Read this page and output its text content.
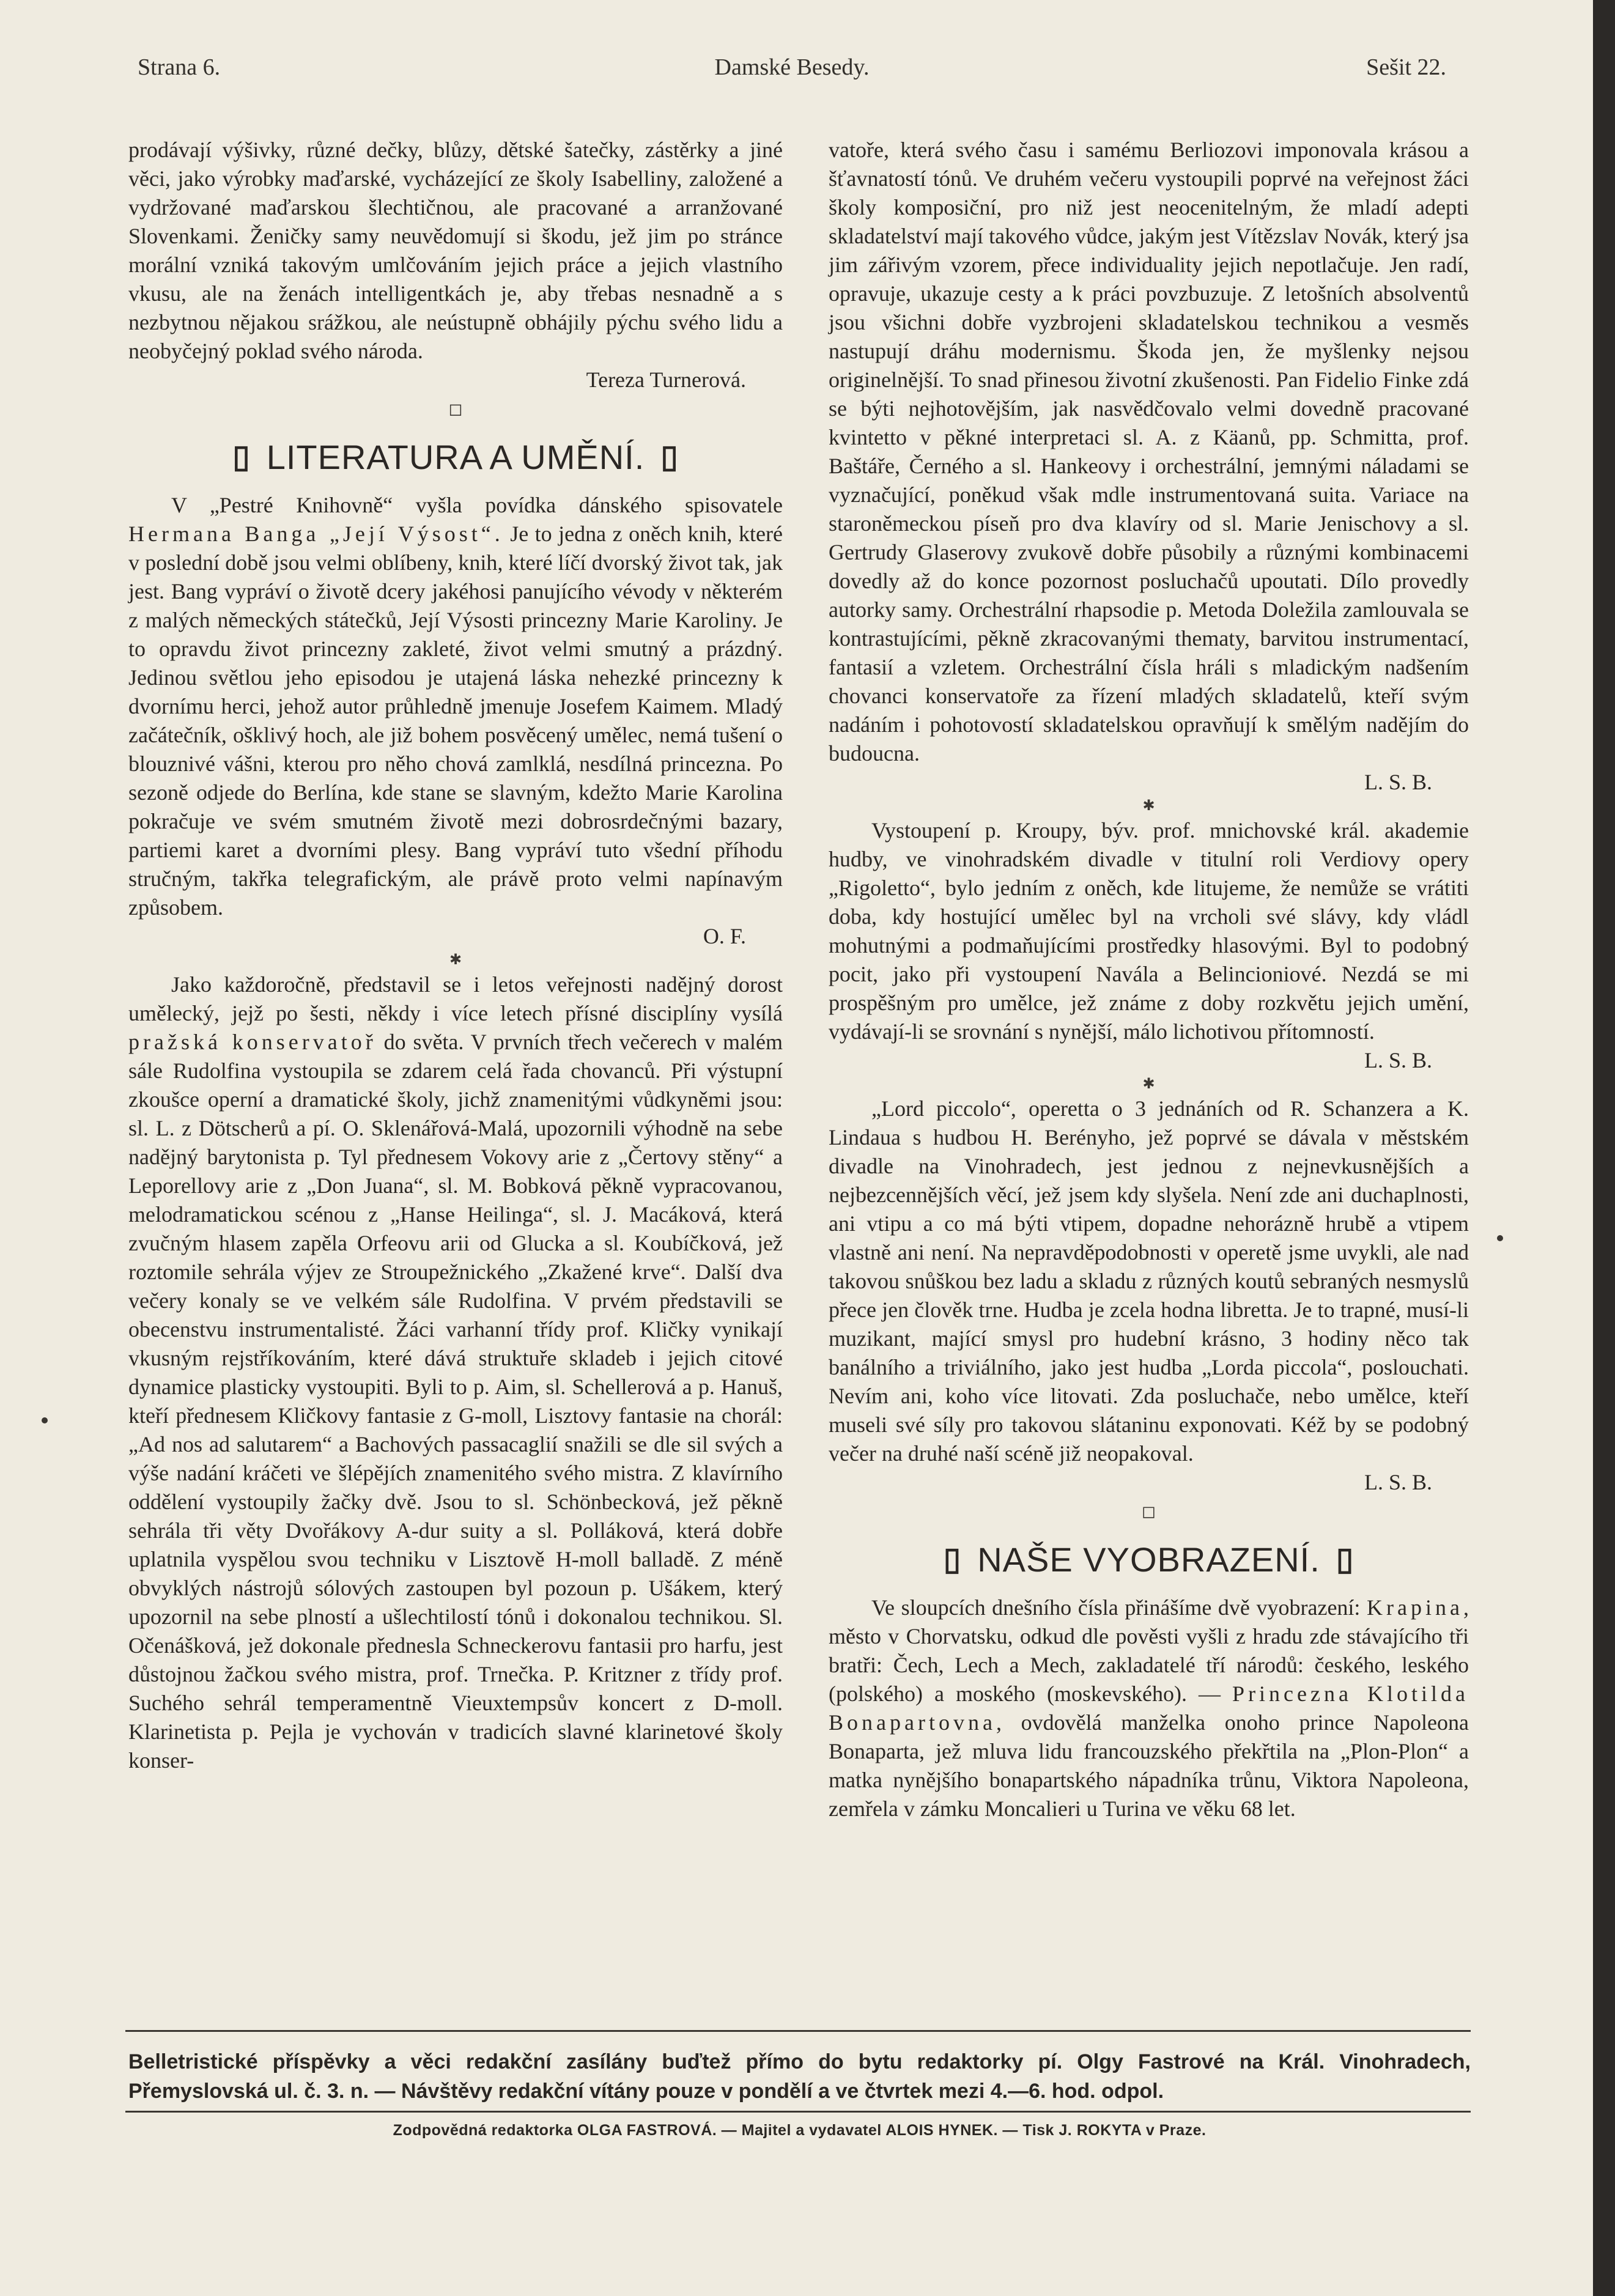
Strana 6.	Damské Besedy.	Sešit 22.

prodávají výšivky, různé dečky, blůzy, dětské šatečky, zástěrky a jiné věci, jako výrobky maďarské, vycházející ze školy Isabelliny, založené a vydržované maďarskou šlechtičnou, ale pracované a arranžované Slovenkami. Ženičky samy neuvědomují si škodu, jež jim po stránce morální vzniká takovým umlčováním jejich práce a jejich vlastního vkusu, ale na ženách intelligentkách je, aby třebas nesnadně a s nezbytnou nějakou srážkou, ale neústupně obhájily pýchu svého lidu a neobyčejný poklad svého národa.

Tereza Turnerová.
◻
▯ LITERATURA A UMĚNÍ. ▯

V „Pestré Knihovně“ vyšla povídka dánského spisovatele Hermana Banga „Její Výsost“. Je to jedna z oněch knih, které v poslední době jsou velmi oblíbeny, knih, které líčí dvorský život tak, jak jest. Bang vypráví o životě dcery jakéhosi panujícího vévody v některém z malých německých státečků, Její Výsosti princezny Marie Karoliny. Je to opravdu život princezny zakleté, život velmi smutný a prázdný. Jedinou světlou jeho episodou je utajená láska nehezké princezny k dvornímu herci, jehož autor průhledně jmenuje Josefem Kaimem. Mladý začátečník, ošklivý hoch, ale již bohem posvěcený umělec, nemá tušení o blouznivé vášni, kterou pro něho chová zamlklá, nesdílná princezna. Po sezoně odjede do Berlína, kde stane se slavným, kdežto Marie Karolina pokračuje ve svém smutném životě mezi dobrosrdečnými bazary, partiemi karet a dvorními plesy. Bang vypráví tuto všední příhodu stručným, takřka telegrafickým, ale právě proto velmi napínavým způsobem.

O. F.
✱

Jako každoročně, představil se i letos veřejnosti nadějný dorost umělecký, jejž po šesti, někdy i více letech přísné disciplíny vysílá pražská konservatoř do světa. V prvních třech večerech v malém sále Rudolfina vystoupila se zdarem celá řada chovanců. Při výstupní zkoušce operní a dramatické školy, jichž znamenitými vůdkyněmi jsou: sl. L. z Dötscherů a pí. O. Sklenářová-Malá, upozornili výhodně na sebe nadějný barytonista p. Tyl přednesem Vokovy arie z „Čertovy stěny“ a Leporellovy arie z „Don Juana“, sl. M. Bobková pěkně vypracovanou, melodramatickou scénou z „Hanse Heilinga“, sl. J. Macáková, která zvučným hlasem zapěla Orfeovu arii od Glucka a sl. Koubíčková, jež roztomile sehrála výjev ze Stroupežnického „Zkažené krve“. Další dva večery konaly se ve velkém sále Rudolfina. V prvém představili se obecenstvu instrumentalisté. Žáci varhanní třídy prof. Kličky vynikají vkusným rejstříkováním, které dává struktuře skladeb i jejich citové dynamice plasticky vystoupiti. Byli to p. Aim, sl. Schellerová a p. Hanuš, kteří přednesem Kličkovy fantasie z G-moll, Lisztovy fantasie na chorál: „Ad nos ad salutarem“ a Bachových passacaglií snažili se dle sil svých a výše nadání kráčeti ve šlépějích znamenitého svého mistra. Z klavírního oddělení vystoupily žačky dvě. Jsou to sl. Schönbecková, jež pěkně sehrála tři věty Dvořákovy A-dur suity a sl. Polláková, která dobře uplatnila vyspělou svou techniku v Lisztově H-moll balladě. Z méně obvyklých nástrojů sólových zastoupen byl pozoun p. Ušákem, který upozornil na sebe plností a ušlechtilostí tónů i dokonalou technikou. Sl. Očenášková, jež dokonale přednesla Schneckerovu fantasii pro harfu, jest důstojnou žačkou svého mistra, prof. Trnečka. P. Kritzner z třídy prof. Suchého sehrál temperamentně Vieuxtempsův koncert z D-moll. Klarinetista p. Pejla je vychován v tradicích slavné klarinetové školy konser-

vatoře, která svého času i samému Berliozovi imponovala krásou a šťavnatostí tónů. Ve druhém večeru vystoupili poprvé na veřejnost žáci školy komposiční, pro niž jest neocenitelným, že mladí adepti skladatelství mají takového vůdce, jakým jest Vítězslav Novák, který jsa jim zářivým vzorem, přece individuality jejich nepotlačuje. Jen radí, opravuje, ukazuje cesty a k práci povzbuzuje. Z letošních absolventů jsou všichni dobře vyzbrojeni skladatelskou technikou a vesměs nastupují dráhu modernismu. Škoda jen, že myšlenky nejsou originelnější. To snad přinesou životní zkušenosti. Pan Fidelio Finke zdá se býti nejhotovějším, jak nasvědčovalo velmi dovedně pracované kvintetto v pěkné interpretaci sl. A. z Käanů, pp. Schmitta, prof. Baštáře, Černého a sl. Hankeovy i orchestrální, jemnými náladami se vyznačující, poněkud však mdle instrumentovaná suita. Variace na staroněmeckou píseň pro dva klavíry od sl. Marie Jenischovy a sl. Gertrudy Glaserovy zvukově dobře působily a různými kombinacemi dovedly až do konce pozornost posluchačů upoutati. Dílo provedly autorky samy. Orchestrální rhapsodie p. Metoda Doležila zamlouvala se kontrastujícími, pěkně zkracovanými thematy, barvitou instrumentací, fantasií a vzletem. Orchestrální čísla hráli s mladickým nadšením chovanci konservatoře za řízení mladých skladatelů, kteří svým nadáním i pohotovostí skladatelskou opravňují k smělým nadějím do budoucna.

L. S. B.
✱

Vystoupení p. Kroupy, býv. prof. mnichovské král. akademie hudby, ve vinohradském divadle v titulní roli Verdiovy opery „Rigoletto“, bylo jedním z oněch, kde litujeme, že nemůže se vrátiti doba, kdy hostující umělec byl na vrcholi své slávy, kdy vládl mohutnými a podmaňujícími prostředky hlasovými. Byl to podobný pocit, jako při vystoupení Navála a Belincioniové. Nezdá se mi prospěšným pro umělce, jež známe z doby rozkvětu jejich umění, vydávají-li se srovnání s nynější, málo lichotivou přítomností.

L. S. B.
✱

„Lord piccolo“, operetta o 3 jednáních od R. Schanzera a K. Lindaua s hudbou H. Berényho, jež poprvé se dávala v městském divadle na Vinohradech, jest jednou z nejnevkusnějších a nejbezcennějších věcí, jež jsem kdy slyšela. Není zde ani duchaplnosti, ani vtipu a co má býti vtipem, dopadne nehorázně hrubě a vtipem vlastně ani není. Na nepravděpodobnosti v operetě jsme uvykli, ale nad takovou snůškou bez ladu a skladu z různých koutů sebraných nesmyslů přece jen člověk trne. Hudba je zcela hodna libretta. Je to trapné, musí-li muzikant, mající smysl pro hudební krásno, 3 hodiny něco tak banálního a triviálního, jako jest hudba „Lorda piccola“, poslouchati. Nevím ani, koho více litovati. Zda posluchače, nebo umělce, kteří museli své síly pro takovou slátaninu exponovati. Kéž by se podobný večer na druhé naší scéně již neopakoval.

L. S. B.
◻
▯ NAŠE VYOBRAZENÍ. ▯

Ve sloupcích dnešního čísla přinášíme dvě vyobrazení: Krapina, město v Chorvatsku, odkud dle pověsti vyšli z hradu zde stávajícího tři bratři: Čech, Lech a Mech, zakladatelé tří národů: českého, leského (polského) a moského (moskevského). — Princezna Klotilda Bonapartovna, ovdovělá manželka onoho prince Napoleona Bonaparta, jež mluva lidu francouzského překřtila na „Plon-Plon“ a matka nynějšího bonapartského nápadníka trůnu, Viktora Napoleona, zemřela v zámku Moncalieri u Turina ve věku 68 let.

Belletristické příspěvky a věci redakční zasílány buďtež přímo do bytu redaktorky pí. Olgy Fastrové na Král. Vinohradech, Přemyslovská ul. č. 3. n. — Návštěvy redakční vítány pouze v pondělí a ve čtvrtek mezi 4.—6. hod. odpol.
Zodpovědná redaktorka OLGA FASTROVÁ. — Majitel a vydavatel ALOIS HYNEK. — Tisk J. ROKYTA v Praze.
